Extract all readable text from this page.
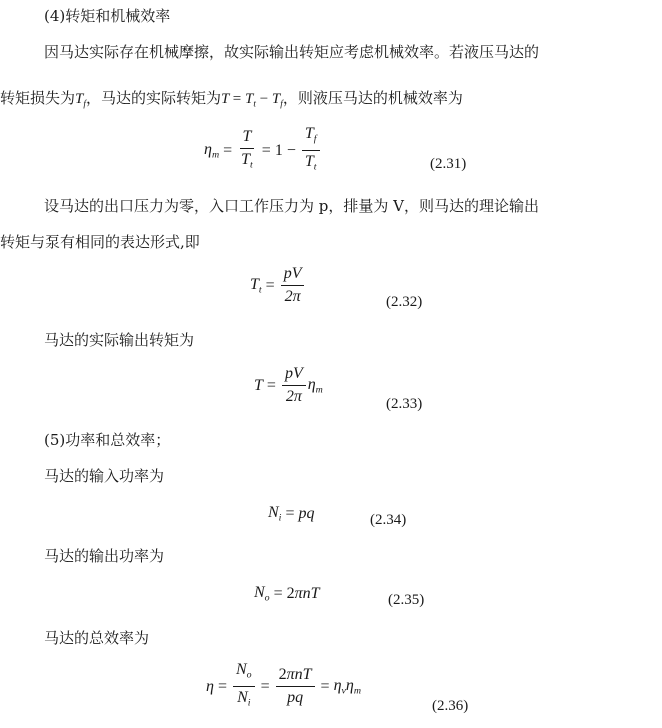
(4)转矩和机械效率
因马达实际存在机械摩擦，故实际输出转矩应考虑机械效率。若液压马达的
转矩损失为$T_f$，马达的实际转矩为$T = T_t - T_f$，则液压马达的机械效率为
$\eta_m = \frac{T}{T_t} = 1 - \frac{T_f}{T_t}$	(2.31)
设马达的出口压力为零，入口工作压力为 p，排量为 V，则马达的理论输出
转矩与泵有相同的表达形式,即
$T_t = \frac{pV}{2\pi}$	(2.32)
马达的实际输出转矩为
$T = \frac{pV}{2\pi} \eta_m$
(2.33)
(5)功率和总效率；
马达的输入功率为
$N_i$ = pq	(2.34)
马达的输出功率为
$N_o = 2\pi nT$	(2.35)
马达的总效率为
$\eta = \frac{N_o}{N_i} = \frac{\text{2πnT}}{pq} = \eta_v\eta_m$
(2.36)
